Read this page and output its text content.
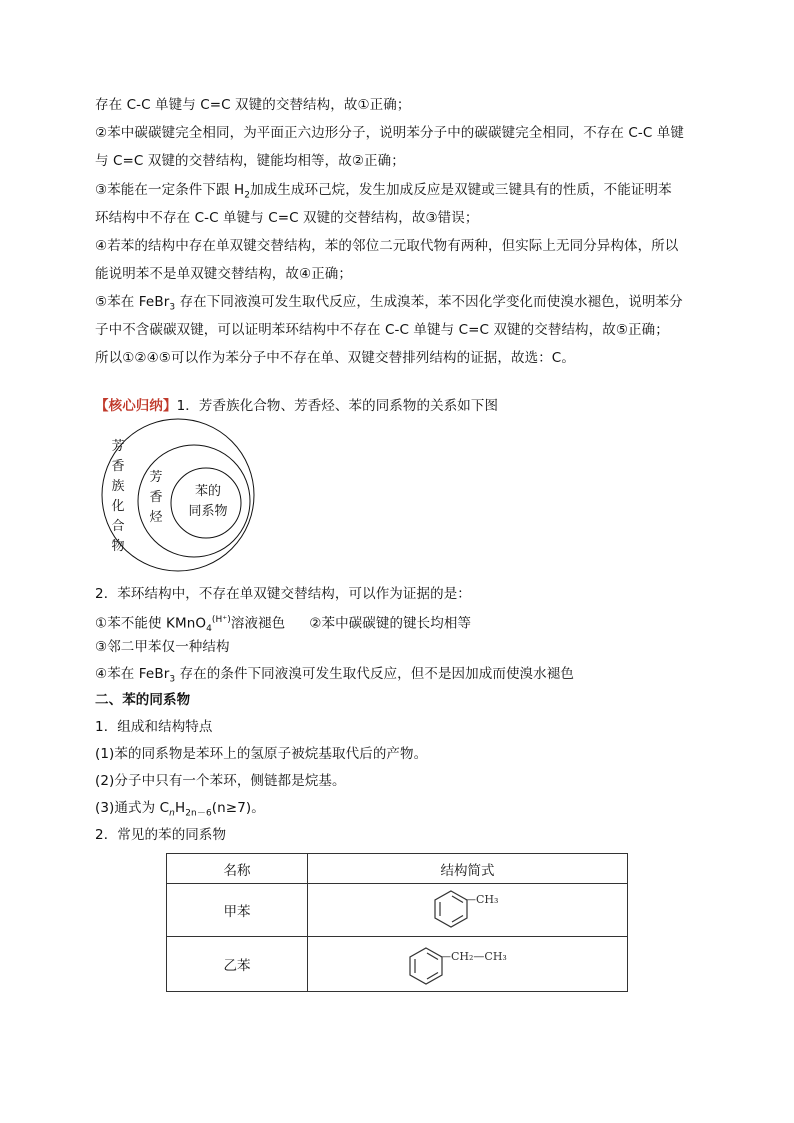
存在 C-C 单键与 C=C 双键的交替结构，故①正确；
②苯中碳碳键完全相同，为平面正六边形分子，说明苯分子中的碳碳键完全相同，不存在 C-C 单键
与 C=C 双键的交替结构，键能均相等，故②正确；
③苯能在一定条件下跟 $H_2$加成生成环己烷，发生加成反应是双键或三键具有的性质，不能证明苯
环结构中不存在 C-C 单键与 C=C 双键的交替结构，故③错误；
④若苯的结构中存在单双键交替结构，苯的邻位二元取代物有两种，但实际上无同分异构体，所以
能说明苯不是单双键交替结构，故④正确；
⑤苯在 FeBr$_3$ 存在下同液溴可发生取代反应，生成溴苯，苯不因化学变化而使溴水褪色，说明苯分
子中不含碳碳双键，可以证明苯环结构中不存在 C-C 单键与 C=C 双键的交替结构，故⑤正确；
所以①②④⑤可以作为苯分子中不存在单、双键交替排列结构的证据，故选：C。
【核心归纳】1．芳香族化合物、芳香烃、苯的同系物的关系如下图
芳
香
族
化
合
物
芳
香
烃
苯的
同系物
2．苯环结构中，不存在单双键交替结构，可以作为证据的是：
①苯不能使 KMnO$_4^{(H^+)}$溶液褪色 ②苯中碳碳键的键长均相等
③邻二甲苯仅一种结构
④苯在 FeBr$_3$ 存在的条件下同液溴可发生取代反应，但不是因加成而使溴水褪色
二、苯的同系物
1．组成和结构特点
(1)苯的同系物是苯环上的氢原子被烷基取代后的产物。
(2)分子中只有一个苯环，侧链都是烷基。
(3)通式为 $C_nH_{2n-6}(n\ge 7)$。
2．常见的苯的同系物
名称	结构简式
甲苯	—CH₃

乙苯	—CH₂—CH₃
